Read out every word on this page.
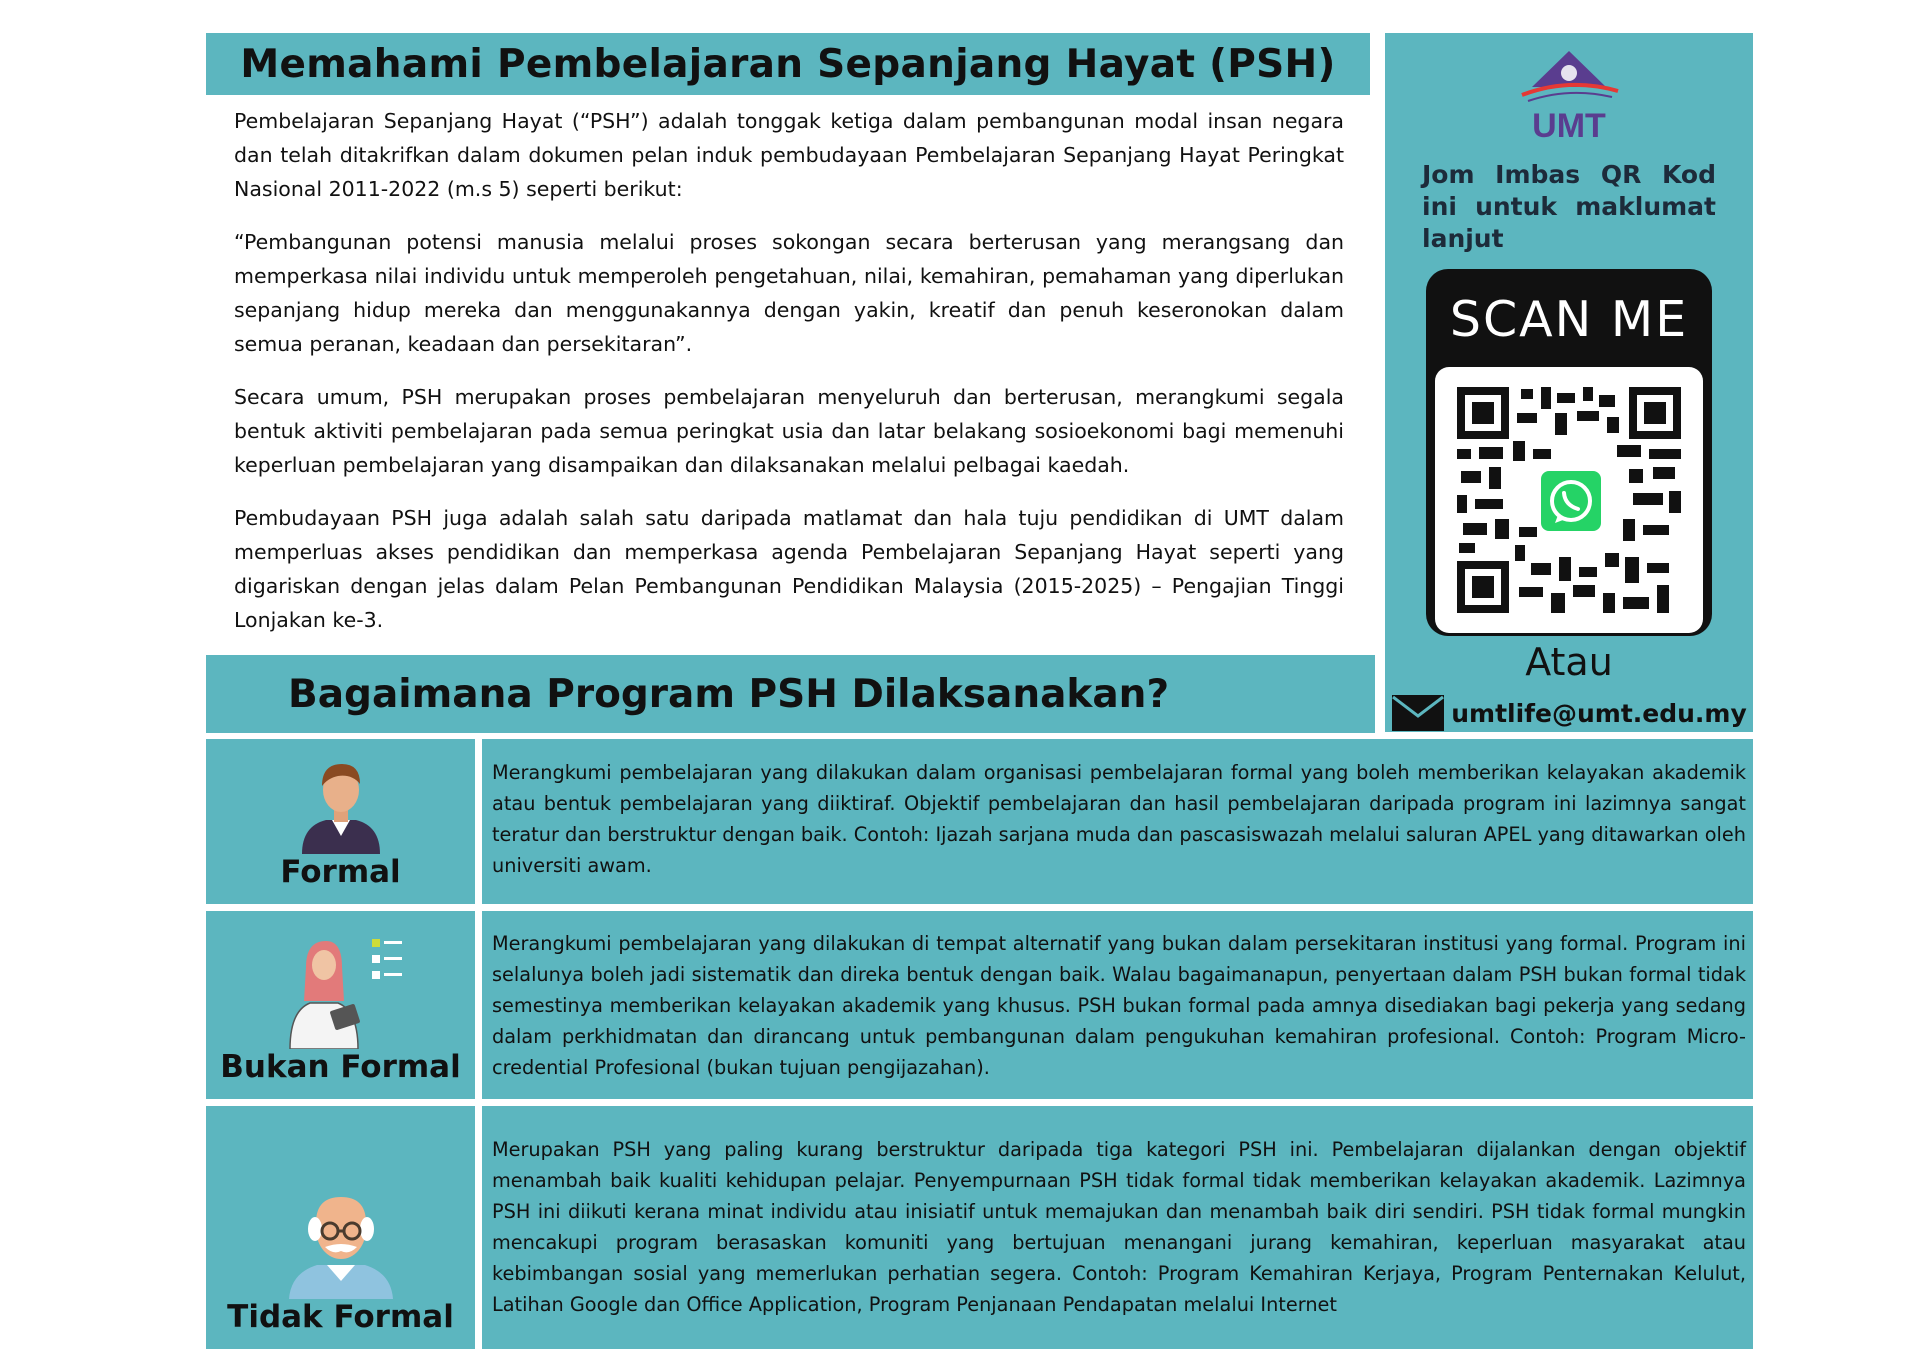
Memahami Pembelajaran Sepanjang Hayat (PSH)

Pembelajaran Sepanjang Hayat (“PSH”) adalah tonggak ketiga dalam pembangunan modal insan negara dan telah ditakrifkan dalam dokumen pelan induk pembudayaan Pembelajaran Sepanjang Hayat Peringkat Nasional 2011-2022 (m.s 5) seperti berikut:

“Pembangunan potensi manusia melalui proses sokongan secara berterusan yang merangsang dan memperkasa nilai individu untuk memperoleh pengetahuan, nilai, kemahiran, pemahaman yang diperlukan sepanjang hidup mereka dan menggunakannya dengan yakin, kreatif dan penuh keseronokan dalam semua peranan, keadaan dan persekitaran”.

Secara umum, PSH merupakan proses pembelajaran menyeluruh dan berterusan, merangkumi segala bentuk aktiviti pembelajaran pada semua peringkat usia dan latar belakang sosioekonomi bagi memenuhi keperluan pembelajaran yang disampaikan dan dilaksanakan melalui pelbagai kaedah.

Pembudayaan PSH juga adalah salah satu daripada matlamat dan hala tuju pendidikan di UMT dalam memperluas akses pendidikan dan memperkasa agenda Pembelajaran Sepanjang Hayat seperti yang digariskan dengan jelas dalam Pelan Pembangunan Pendidikan Malaysia (2015-2025) – Pengajian Tinggi Lonjakan ke-3.

Bagaimana Program PSH Dilaksanakan?
UMT
Jom Imbas QR Kod ini untuk maklumat lanjut
SCAN ME
Atau
umtlife@umt.edu.my
Formal
Merangkumi pembelajaran yang dilakukan dalam organisasi pembelajaran formal yang boleh memberikan kelayakan akademik atau bentuk pembelajaran yang diiktiraf. Objektif pembelajaran dan hasil pembelajaran daripada program ini lazimnya sangat teratur dan berstruktur dengan baik. Contoh: Ijazah sarjana muda dan pascasiswazah melalui saluran APEL yang ditawarkan oleh universiti awam.
Bukan Formal
Merangkumi pembelajaran yang dilakukan di tempat alternatif yang bukan dalam persekitaran institusi yang formal. Program ini selalunya boleh jadi sistematik dan direka bentuk dengan baik. Walau bagaimanapun, penyertaan dalam PSH bukan formal tidak semestinya memberikan kelayakan akademik yang khusus. PSH bukan formal pada amnya disediakan bagi pekerja yang sedang dalam perkhidmatan dan dirancang untuk pembangunan dalam pengukuhan kemahiran profesional. Contoh: Program Micro-credential Profesional (bukan tujuan pengijazahan).
Tidak Formal
Merupakan PSH yang paling kurang berstruktur daripada tiga kategori PSH ini. Pembelajaran dijalankan dengan objektif menambah baik kualiti kehidupan pelajar. Penyempurnaan PSH tidak formal tidak memberikan kelayakan akademik. Lazimnya PSH ini diikuti kerana minat individu atau inisiatif untuk memajukan dan menambah baik diri sendiri. PSH tidak formal mungkin mencakupi program berasaskan komuniti yang bertujuan menangani jurang kemahiran, keperluan masyarakat atau kebimbangan sosial yang memerlukan perhatian segera. Contoh: Program Kemahiran Kerjaya, Program Penternakan Kelulut, Latihan Google dan Office Application, Program Penjanaan Pendapatan melalui Internet
